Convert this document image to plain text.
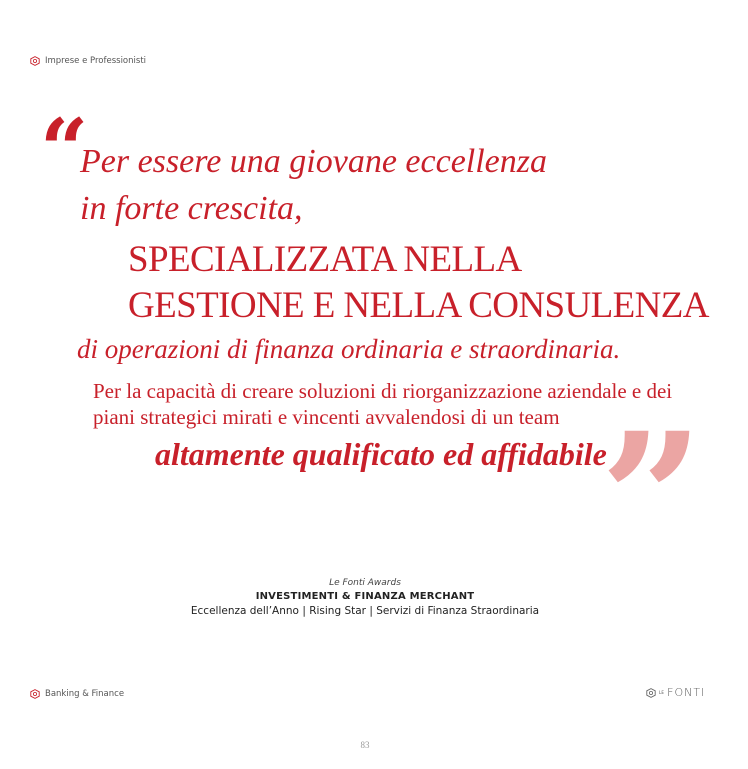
Imprese e Professionisti
“
Per essere una giovane eccellenza
in forte crescita,
SPECIALIZZATA NELLA
GESTIONE E NELLA CONSULENZA
di operazioni di finanza ordinaria e straordinaria.
Per la capacità di creare soluzioni di riorganizzazione aziendale e dei
piani strategici mirati e vincenti avvalendosi di un team
altamente qualificato ed affidabile
”
Le Fonti Awards
INVESTIMENTI & FINANZA MERCHANT
Eccellenza dell’Anno | Rising Star | Servizi di Finanza Straordinaria
Banking & Finance	LE FONTI
83
